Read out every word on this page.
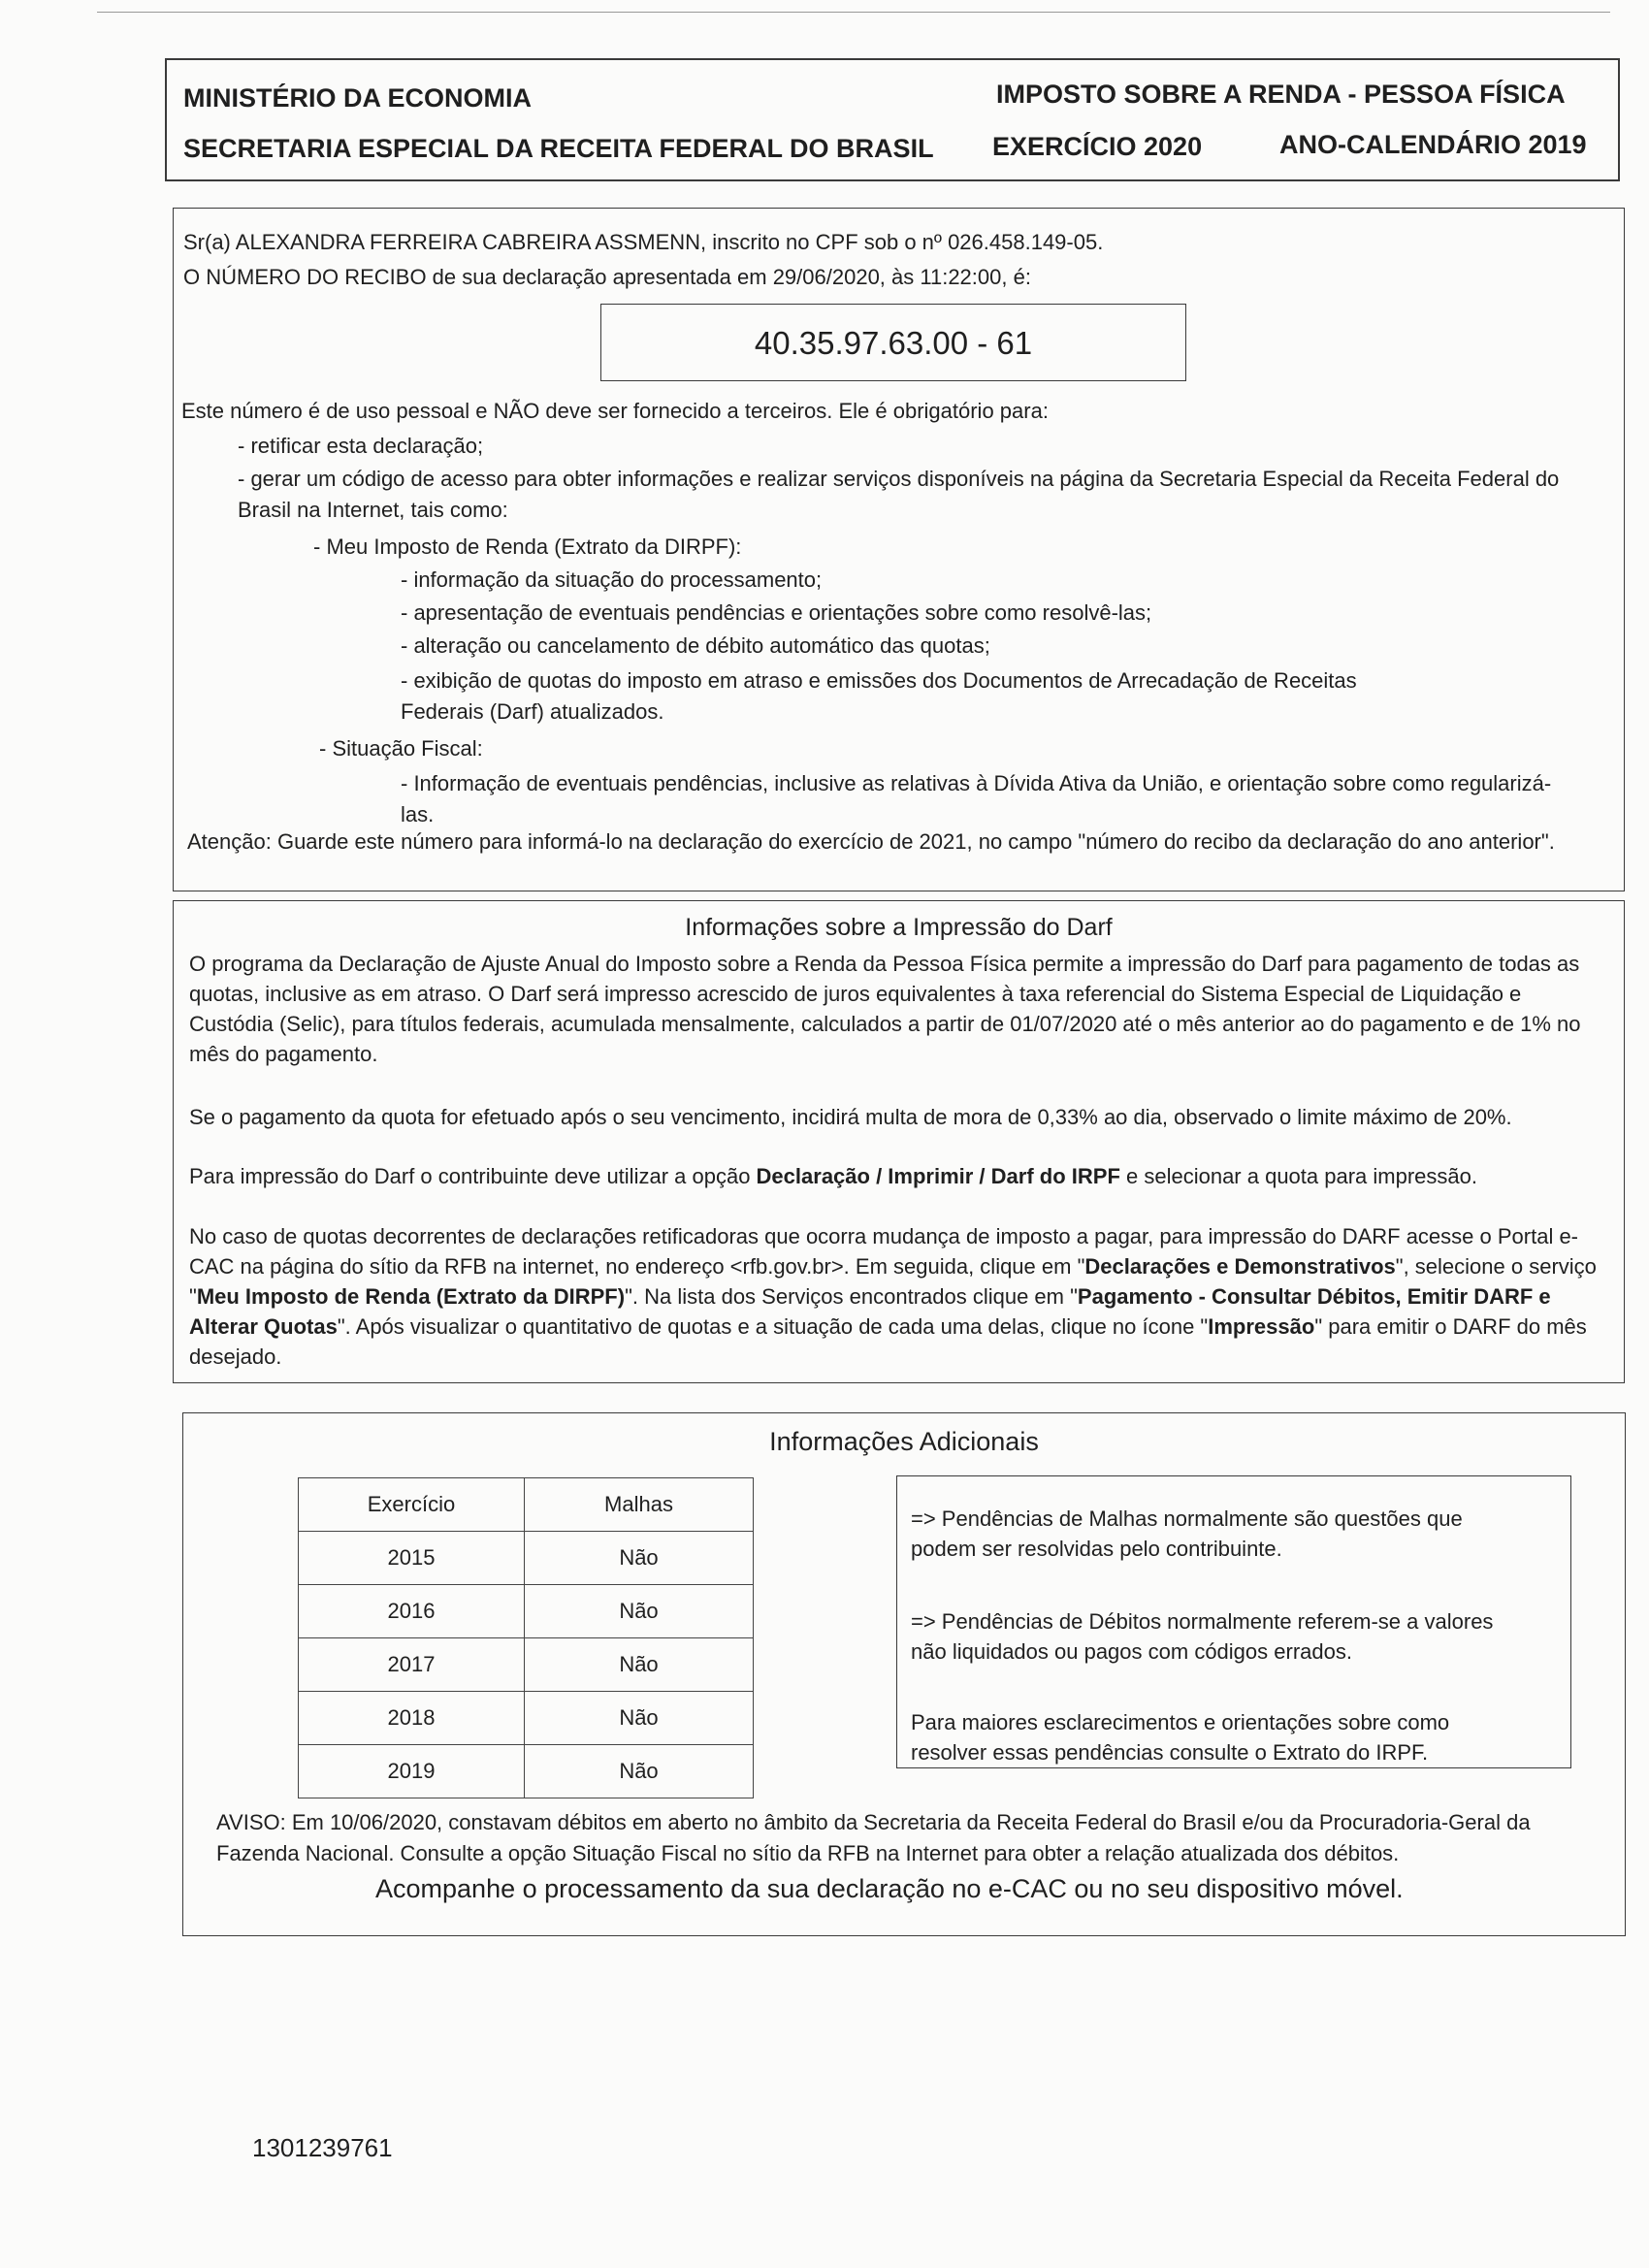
MINISTÉRIO DA ECONOMIA
SECRETARIA ESPECIAL DA RECEITA FEDERAL DO BRASIL
IMPOSTO SOBRE A RENDA - PESSOA FÍSICA
EXERCÍCIO 2020	ANO-CALENDÁRIO 2019
Sr(a) ALEXANDRA FERREIRA CABREIRA ASSMENN, inscrito no CPF sob o nº 026.458.149-05.
O NÚMERO DO RECIBO de sua declaração apresentada em 29/06/2020, às 11:22:00, é:
40.35.97.63.00 - 61
Este número é de uso pessoal e NÃO deve ser fornecido a terceiros. Ele é obrigatório para:
- retificar esta declaração;
- gerar um código de acesso para obter informações e realizar serviços disponíveis na página da Secretaria Especial da Receita Federal do
Brasil na Internet, tais como:
- Meu Imposto de Renda (Extrato da DIRPF):
- informação da situação do processamento;
- apresentação de eventuais pendências e orientações sobre como resolvê-las;
- alteração ou cancelamento de débito automático das quotas;
- exibição de quotas do imposto em atraso e emissões dos Documentos de Arrecadação de Receitas
Federais (Darf) atualizados.
- Situação Fiscal:
- Informação de eventuais pendências, inclusive as relativas à Dívida Ativa da União, e orientação sobre como regularizá-
las.
Atenção: Guarde este número para informá-lo na declaração do exercício de 2021, no campo "número do recibo da declaração do ano anterior".
Informações sobre a Impressão do Darf
O programa da Declaração de Ajuste Anual do Imposto sobre a Renda da Pessoa Física permite a impressão do Darf para pagamento de todas as
quotas, inclusive as em atraso. O Darf será impresso acrescido de juros equivalentes à taxa referencial do Sistema Especial de Liquidação e
Custódia (Selic), para títulos federais, acumulada mensalmente, calculados a partir de 01/07/2020 até o mês anterior ao do pagamento e de 1% no
mês do pagamento.
Se o pagamento da quota for efetuado após o seu vencimento, incidirá multa de mora de 0,33% ao dia, observado o limite máximo de 20%.
Para impressão do Darf o contribuinte deve utilizar a opção Declaração / Imprimir / Darf do IRPF e selecionar a quota para impressão.
No caso de quotas decorrentes de declarações retificadoras que ocorra mudança de imposto a pagar, para impressão do DARF acesse o Portal e-
CAC na página do sítio da RFB na internet, no endereço <rfb.gov.br>. Em seguida, clique em "Declarações e Demonstrativos", selecione o serviço
"Meu Imposto de Renda (Extrato da DIRPF)". Na lista dos Serviços encontrados clique em "Pagamento - Consultar Débitos, Emitir DARF e
Alterar Quotas". Após visualizar o quantitativo de quotas e a situação de cada uma delas, clique no ícone "Impressão" para emitir o DARF do mês
desejado.
Informações Adicionais
Exercício	Malhas
2015	Não
2016	Não
2017	Não
2018	Não
2019	Não
=> Pendências de Malhas normalmente são questões que
podem ser resolvidas pelo contribuinte.
=> Pendências de Débitos normalmente referem-se a valores
não liquidados ou pagos com códigos errados.
Para maiores esclarecimentos e orientações sobre como
resolver essas pendências consulte o Extrato do IRPF.
AVISO: Em 10/06/2020, constavam débitos em aberto no âmbito da Secretaria da Receita Federal do Brasil e/ou da Procuradoria-Geral da
Fazenda Nacional. Consulte a opção Situação Fiscal no sítio da RFB na Internet para obter a relação atualizada dos débitos.
Acompanhe o processamento da sua declaração no e-CAC ou no seu dispositivo móvel.
1301239761
